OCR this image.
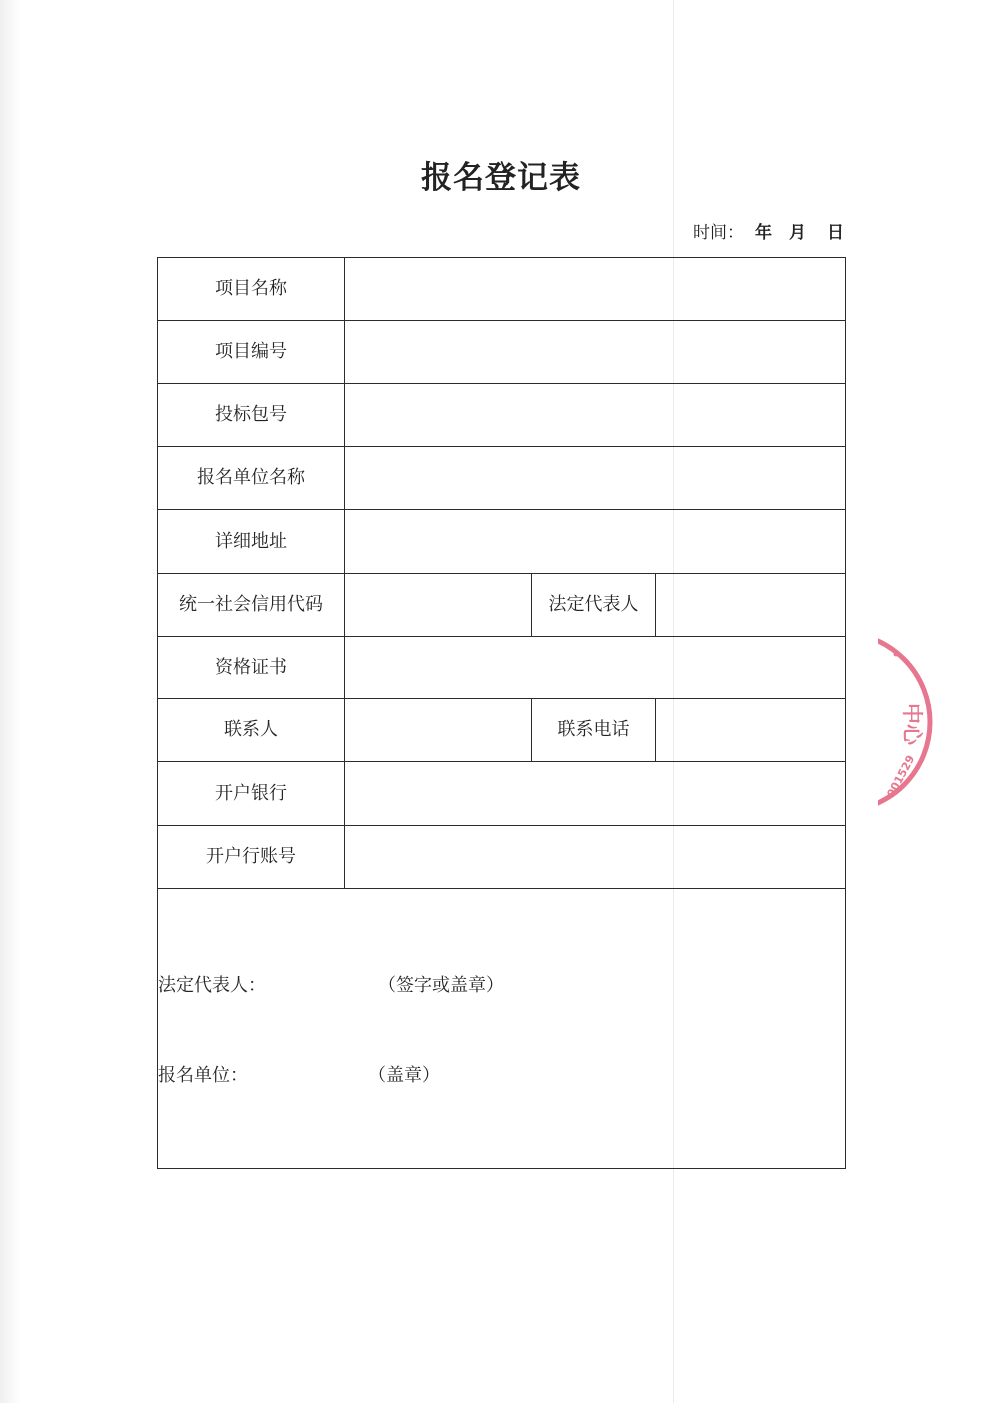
报名登记表
时间： 年 月 日
项目名称			
项目编号			
投标包号			
报名单位名称			
详细地址			
统一社会信用代码		法定代表人	
资格证书			
联系人		联系电话	
开户银行			
开户行账号			

法定代表人： （签字或盖章）
报名单位： （盖章）			
中心
001529
